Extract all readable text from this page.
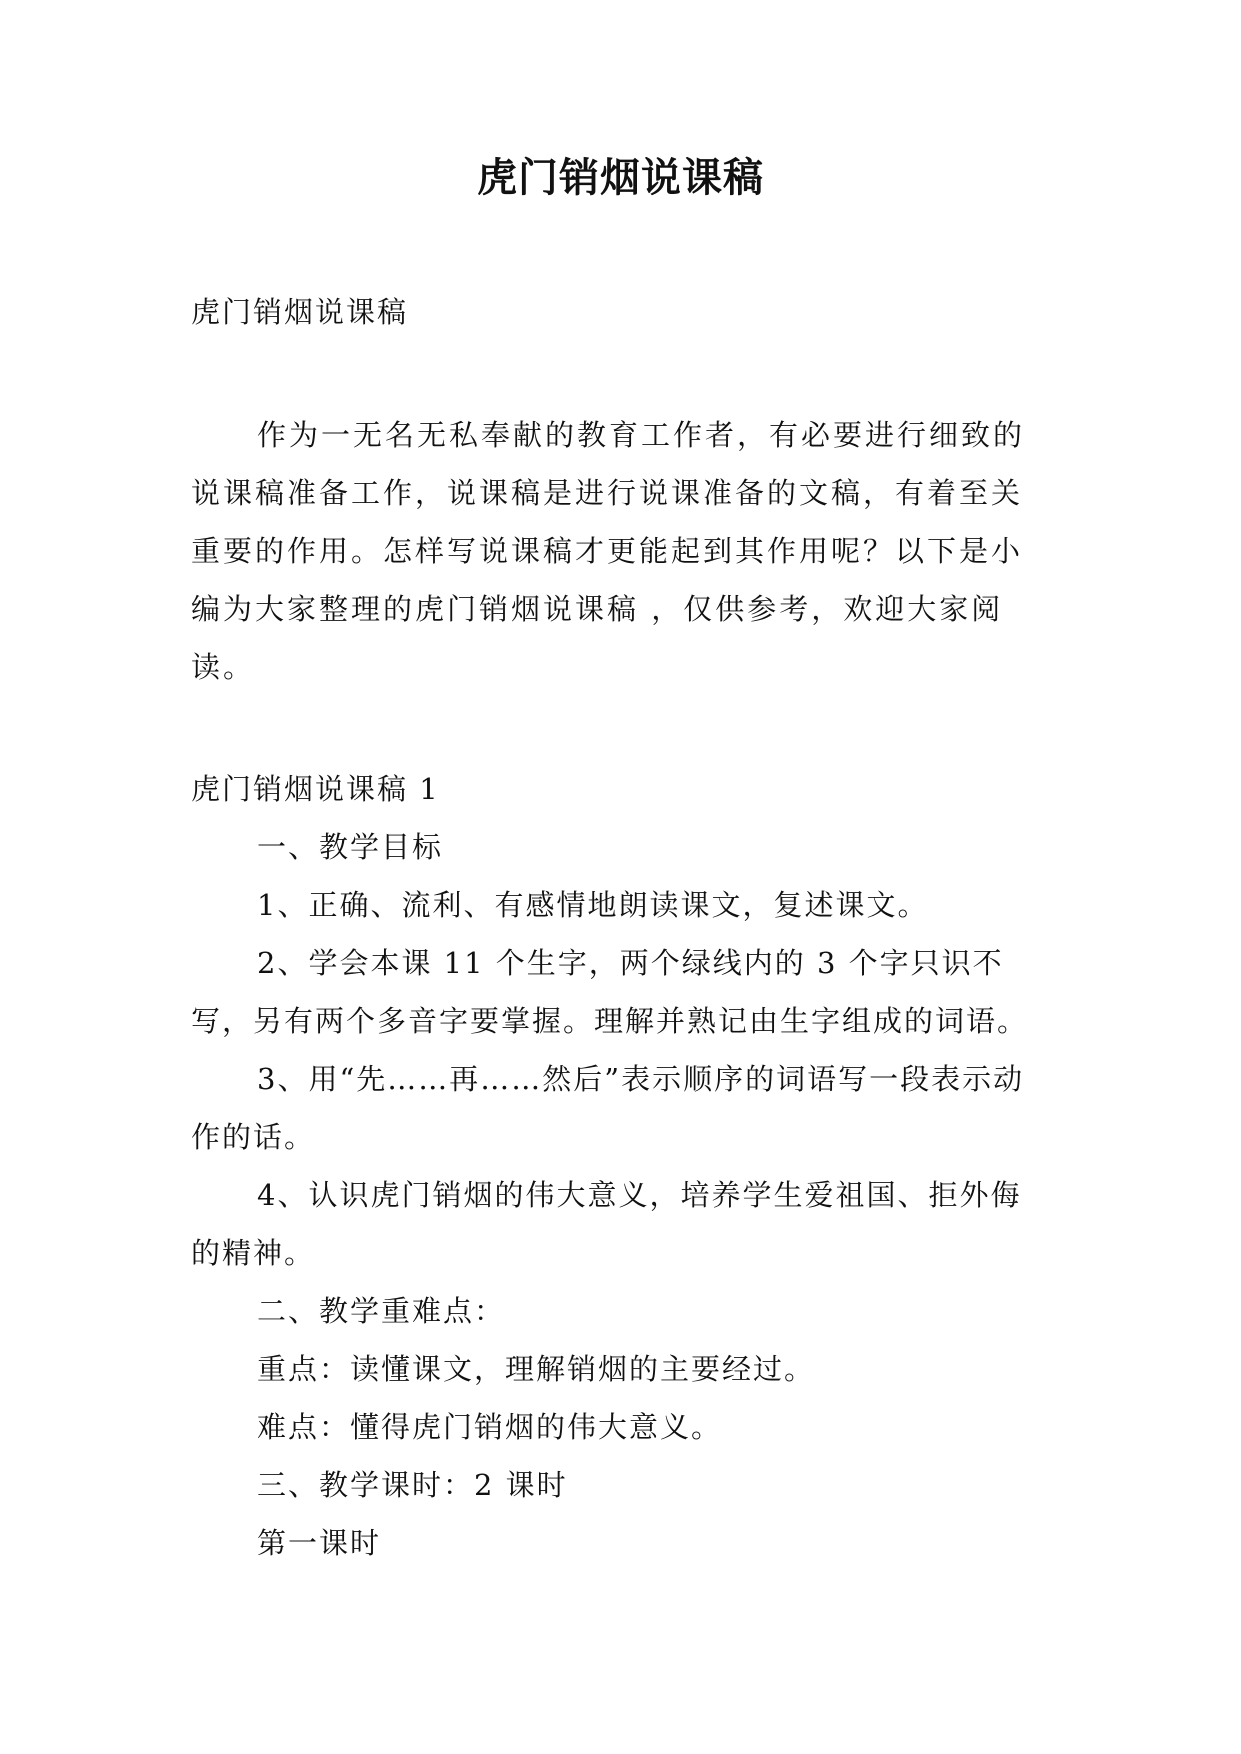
虎门销烟说课稿
虎门销烟说课稿

作为一无名无私奉献的教育工作者，有必要进行细致的说课稿准备工作，说课稿是进行说课准备的文稿，有着至关重要的作用。怎样写说课稿才更能起到其作用呢？以下是小编为大家整理的虎门销烟说课稿 ，仅供参考，欢迎大家阅读。

虎门销烟说课稿 1

一、教学目标

1、正确、流利、有感情地朗读课文，复述课文。

2、学会本课 11 个生字，两个绿线内的 3 个字只识不写，另有两个多音字要掌握。理解并熟记由生字组成的词语。

3、用“先……再……然后”表示顺序的词语写一段表示动作的话。

4、认识虎门销烟的伟大意义，培养学生爱祖国、拒外侮的精神。

二、教学重难点：

重点：读懂课文，理解销烟的主要经过。

难点：懂得虎门销烟的伟大意义。

三、教学课时：2 课时

第一课时
